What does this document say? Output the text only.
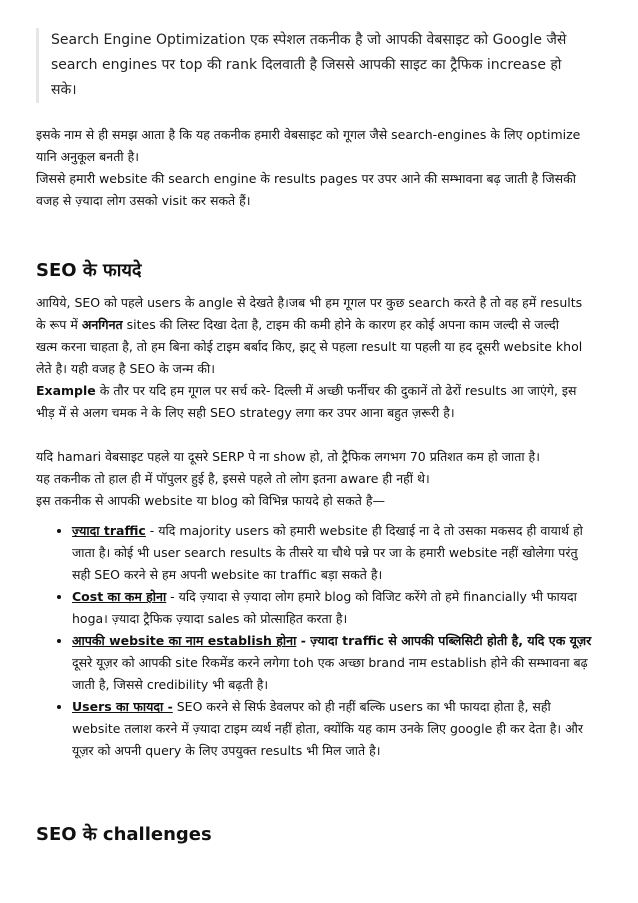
Search Engine Optimization एक स्पेशल तकनीक है जो आपकी वेबसाइट को Google जैसे
search engines पर top की rank दिलवाती है जिससे आपकी साइट का ट्रैफिक increase हो
सके।
इसके नाम से ही समझ आता है कि यह तकनीक हमारी वेबसाइट को गूगल जैसे search-engines के लिए optimize
यानि अनुकूल बनती है।
जिससे हमारी website की search engine के results pages पर उपर आने की सम्भावना बढ़ जाती है जिसकी
वजह से ज़्यादा लोग उसको visit कर सकते हैं।
SEO के फायदे
आयिये, SEO को पहले users के angle से देखते है।जब भी हम गूगल पर कुछ search करते है तो वह हमें results
के रूप में अनगिनत sites की लिस्ट दिखा देता है, टाइम की कमी होने के कारण हर कोई अपना काम जल्दी से जल्दी
खत्म करना चाहता है, तो हम बिना कोई टाइम बर्बाद किए, झट् से पहला result या पहली या हद दूसरी website khol
लेते है। यही वजह है SEO के जन्म की।
Example के तौर पर यदि हम गूगल पर सर्च करे- दिल्ली में अच्छी फर्नीचर की दुकानें तो ढेरों results आ जाएंगे, इस
भीड़ में से अलग चमक ने के लिए सही SEO strategy लगा कर उपर आना बहुत ज़रूरी है।
यदि hamari वेबसाइट पहले या दूसरे SERP पे ना show हो, तो ट्रैफिक लगभग 70 प्रतिशत कम हो जाता है।
यह तकनीक तो हाल ही में पॉपुलर हुई है, इससे पहले तो लोग इतना aware ही नहीं थे।
इस तकनीक से आपकी website या blog को विभिन्न फायदे हो सकते है—
• ज़्यादा traffic - यदि majority users को हमारी website ही दिखाई ना दे तो उसका मकसद ही वायार्थ हो
जाता है। कोई भी user search results के तीसरे या चौथे पन्ने पर जा के हमारी website नहीं खोलेगा परंतु
सही SEO करने से हम अपनी website का traffic बड़ा सकते है।
• Cost का कम होना - यदि ज़्यादा से ज़्यादा लोग हमारे blog को विजिट करेंगे तो हमे financially भी फायदा
hoga। ज़्यादा ट्रैफिक ज़्यादा sales को प्रोत्साहित करता है।
• आपकी website का नाम establish होना - ज़्यादा traffic से आपकी पब्लिसिटी होती है, यदि एक यूज़र
दूसरे यूज़र को आपकी site रिकमेंड करने लगेगा toh एक अच्छा brand नाम establish होने की सम्भावना बढ़
जाती है, जिससे credibility भी बढ़ती है।
• Users का फायदा - SEO करने से सिर्फ डेवलपर को ही नहीं बल्कि users का भी फायदा होता है, सही
website तलाश करने में ज़्यादा टाइम व्यर्थ नहीं होता, क्योंकि यह काम उनके लिए google ही कर देता है। और
यूज़र को अपनी query के लिए उपयुक्त results भी मिल जाते है।
SEO के challenges
